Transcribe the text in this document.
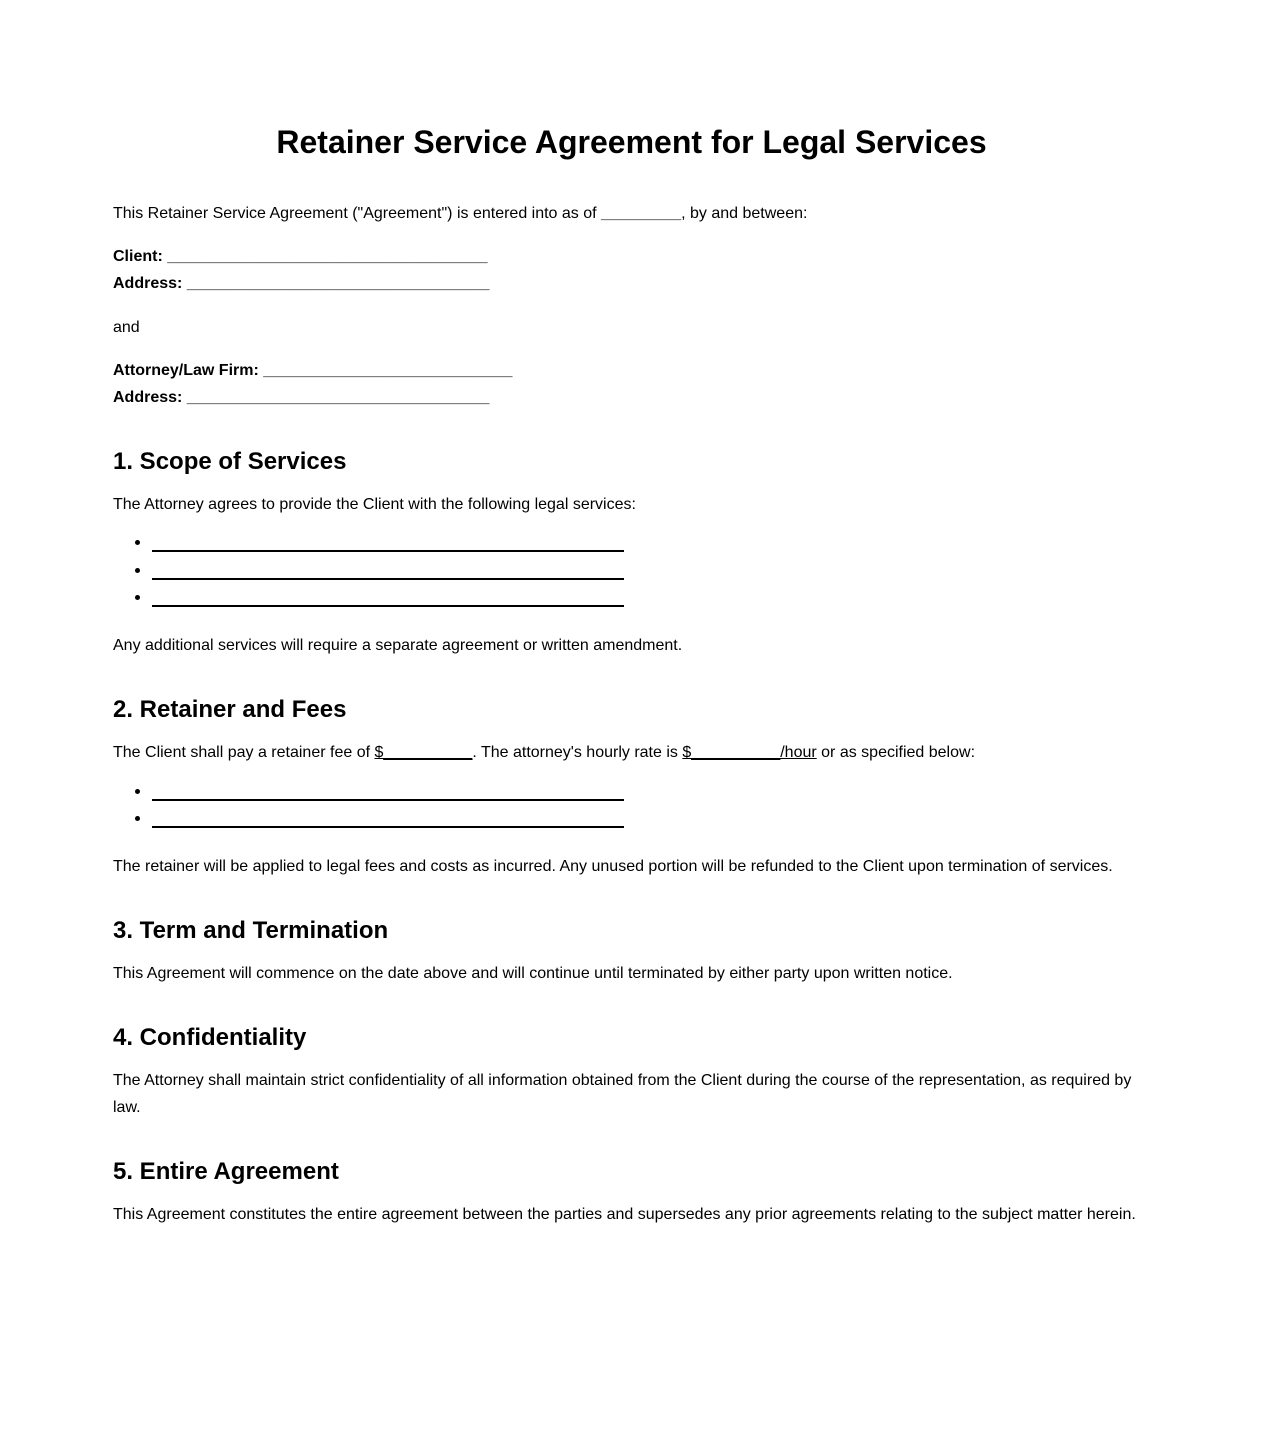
Retainer Service Agreement for Legal Services

This Retainer Service Agreement ("Agreement") is entered into as of _________, by and between:

Client: ____________________________________

Address: __________________________________

and

Attorney/Law Firm: ____________________________

Address: __________________________________

1. Scope of Services

The Attorney agrees to provide the Client with the following legal services:

Any additional services will require a separate agreement or written amendment.

2. Retainer and Fees

The Client shall pay a retainer fee of $__________. The attorney's hourly rate is $__________/hour or as specified below:

The retainer will be applied to legal fees and costs as incurred. Any unused portion will be refunded to the Client upon termination of services.

3. Term and Termination

This Agreement will commence on the date above and will continue until terminated by either party upon written notice.

4. Confidentiality

The Attorney shall maintain strict confidentiality of all information obtained from the Client during the course of the representation, as required by law.

5. Entire Agreement

This Agreement constitutes the entire agreement between the parties and supersedes any prior agreements relating to the subject matter herein.
